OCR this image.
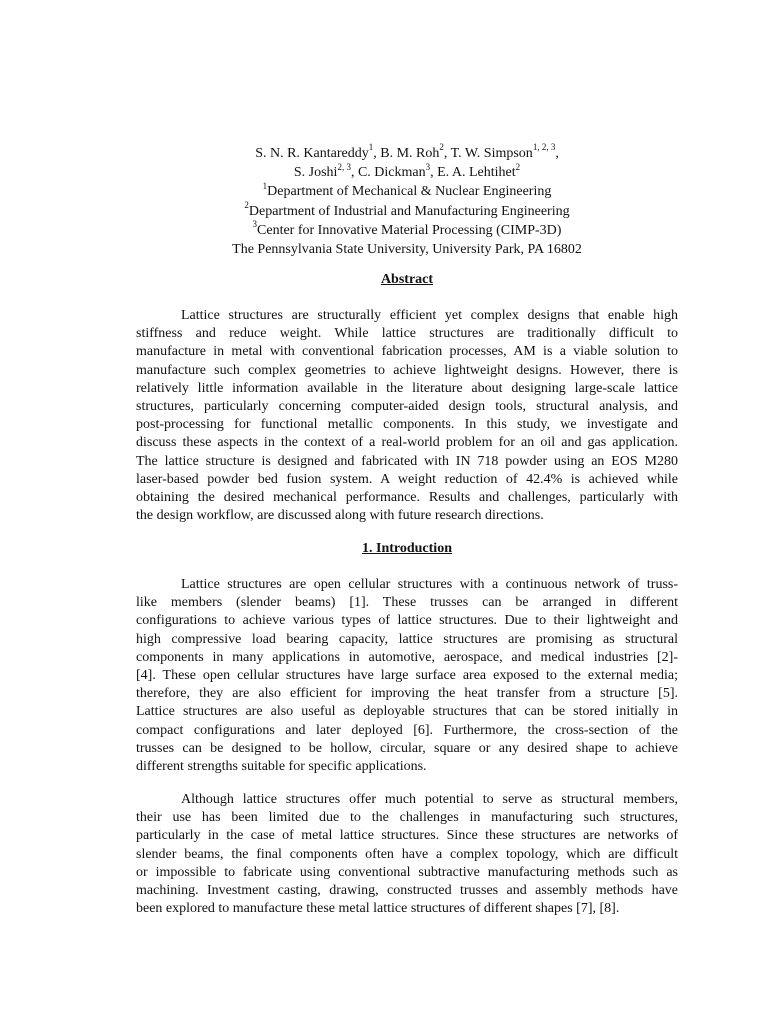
S. N. R. Kantareddy$^1$, B. M. Roh$^2$, T. W. Simpson$^{1, 2, 3}$,
S. Joshi$^{2, 3}$, C. Dickman$^3$, E. A. Lehtihet$^2$
$^1$Department of Mechanical & Nuclear Engineering
$^2$Department of Industrial and Manufacturing Engineering
$^3$Center for Innovative Material Processing (CIMP-3D)
The Pennsylvania State University, University Park, PA 16802
Abstract
Lattice structures are structurally efficient yet complex designs that enable high
stiffness and reduce weight. While lattice structures are traditionally difficult to
manufacture in metal with conventional fabrication processes, AM is a viable solution to
manufacture such complex geometries to achieve lightweight designs. However, there is
relatively little information available in the literature about designing large-scale lattice
structures, particularly concerning computer-aided design tools, structural analysis, and
post-processing for functional metallic components. In this study, we investigate and
discuss these aspects in the context of a real-world problem for an oil and gas application.
The lattice structure is designed and fabricated with IN 718 powder using an EOS M280
laser-based powder bed fusion system. A weight reduction of 42.4% is achieved while
obtaining the desired mechanical performance. Results and challenges, particularly with
the design workflow, are discussed along with future research directions.
1. Introduction
Lattice structures are open cellular structures with a continuous network of truss-
like members (slender beams) [1]. These trusses can be arranged in different
configurations to achieve various types of lattice structures. Due to their lightweight and
high compressive load bearing capacity, lattice structures are promising as structural
components in many applications in automotive, aerospace, and medical industries [2]-
[4]. These open cellular structures have large surface area exposed to the external media;
therefore, they are also efficient for improving the heat transfer from a structure [5].
Lattice structures are also useful as deployable structures that can be stored initially in
compact configurations and later deployed [6]. Furthermore, the cross-section of the
trusses can be designed to be hollow, circular, square or any desired shape to achieve
different strengths suitable for specific applications.
Although lattice structures offer much potential to serve as structural members,
their use has been limited due to the challenges in manufacturing such structures,
particularly in the case of metal lattice structures. Since these structures are networks of
slender beams, the final components often have a complex topology, which are difficult
or impossible to fabricate using conventional subtractive manufacturing methods such as
machining. Investment casting, drawing, constructed trusses and assembly methods have
been explored to manufacture these metal lattice structures of different shapes [7], [8].
